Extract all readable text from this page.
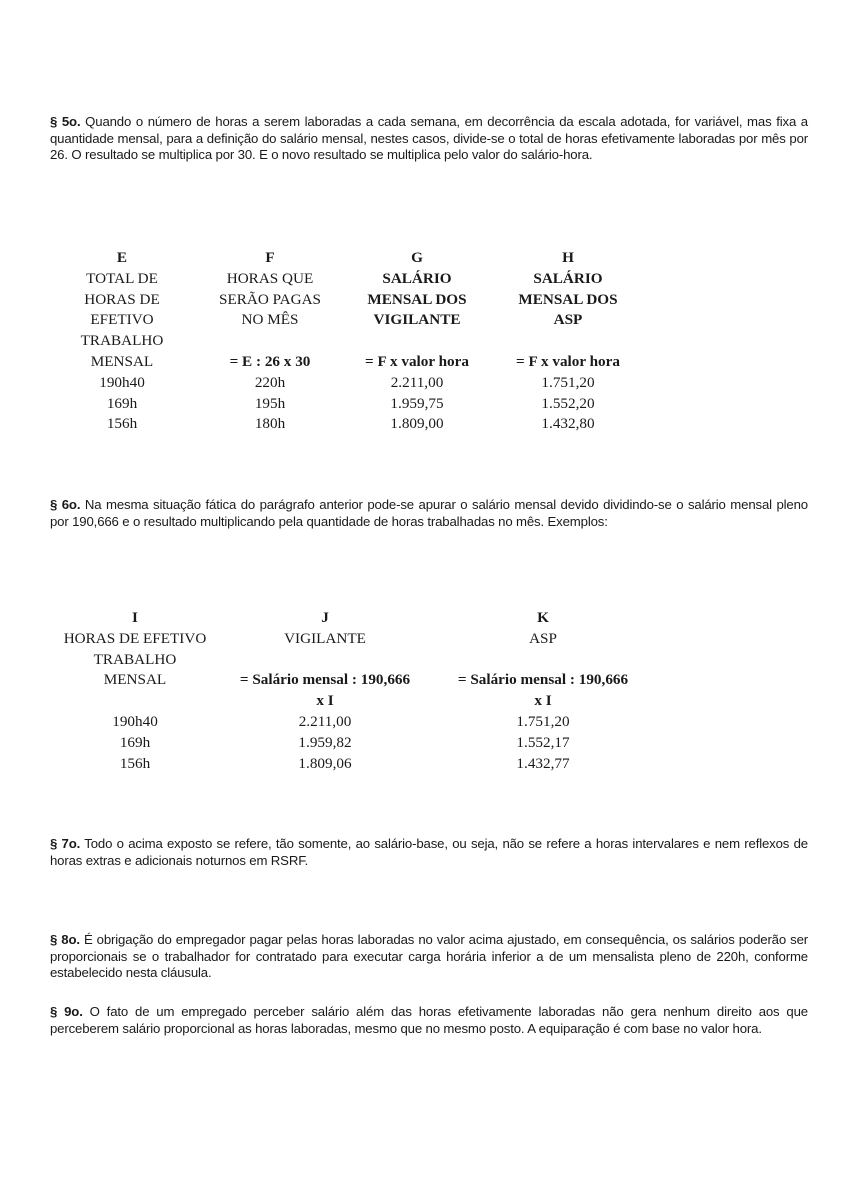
§ 5o. Quando o número de horas a serem laboradas a cada semana, em decorrência da escala adotada, for variável, mas fixa a quantidade mensal, para a definição do salário mensal, nestes casos, divide-se o total de horas efetivamente laboradas por mês por 26. O resultado se multiplica por 30. E o novo resultado se multiplica pelo valor do salário-hora.
E
TOTAL DE
HORAS DE
EFETIVO
TRABALHO
MENSAL
190h40
169h
156h
F
HORAS QUE
SERÃO PAGAS
NO MÊS
= E : 26 x 30
220h
195h
180h
G
SALÁRIO
MENSAL DOS
VIGILANTE
= F x valor hora
2.211,00
1.959,75
1.809,00
H
SALÁRIO
MENSAL DOS
ASP
= F x valor hora
1.751,20
1.552,20
1.432,80
§ 6o. Na mesma situação fática do parágrafo anterior pode-se apurar o salário mensal devido dividindo-se o salário mensal pleno por 190,666 e o resultado multiplicando pela quantidade de horas trabalhadas no mês. Exemplos:
I
HORAS DE EFETIVO
TRABALHO
MENSAL
190h40
169h
156h
J
VIGILANTE
= Salário mensal : 190,666
x I
2.211,00
1.959,82
1.809,06
K
ASP
= Salário mensal : 190,666
x I
1.751,20
1.552,17
1.432,77
§ 7o. Todo o acima exposto se refere, tão somente, ao salário-base, ou seja, não se refere a horas intervalares e nem reflexos de horas extras e adicionais noturnos em RSRF.
§ 8o. É obrigação do empregador pagar pelas horas laboradas no valor acima ajustado, em consequência, os salários poderão ser proporcionais se o trabalhador for contratado para executar carga horária inferior a de um mensalista pleno de 220h, conforme estabelecido nesta cláusula.
§ 9o. O fato de um empregado perceber salário além das horas efetivamente laboradas não gera nenhum direito aos que perceberem salário proporcional as horas laboradas, mesmo que no mesmo posto. A equiparação é com base no valor hora.
